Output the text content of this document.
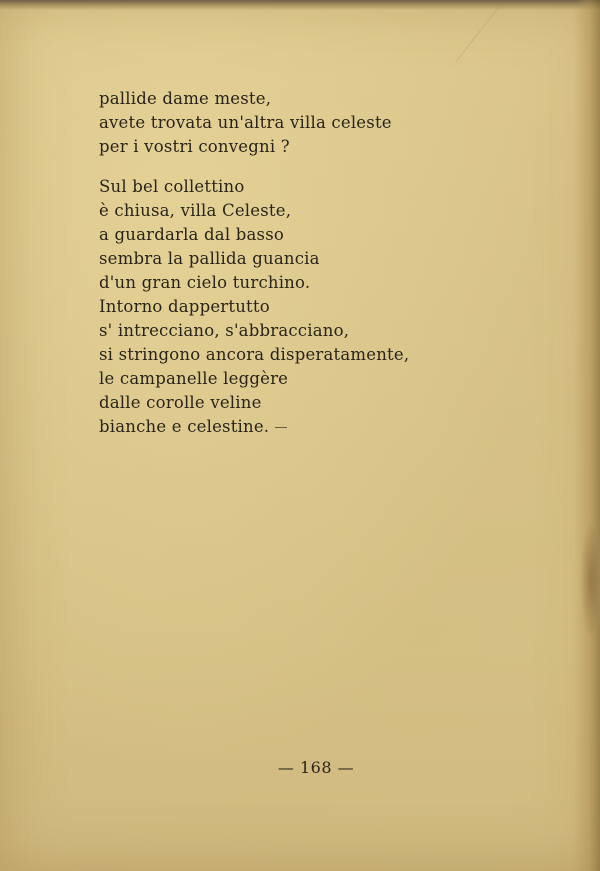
pallide dame meste,
avete trovata un'altra villa celeste
per i vostri convegni ?
Sul bel collettino
è chiusa, villa Celeste,
a guardarla dal basso
sembra la pallida guancia
d'un gran cielo turchino.
Intorno dappertutto
s' intrecciano, s'abbracciano,
si stringono ancora disperatamente,
le campanelle leggère
dalle corolle veline
bianche e celestine.
— 168 —
